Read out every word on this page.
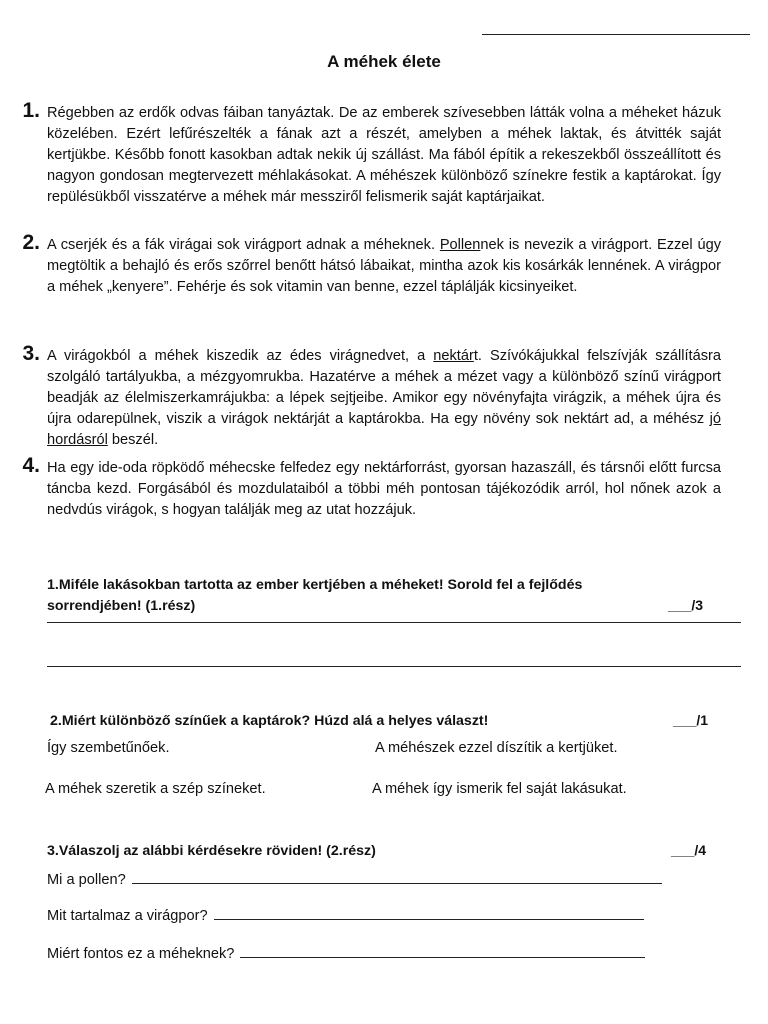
A méhek élete
1. Régebben az erdők odvas fáiban tanyáztak. De az emberek szívesebben látták volna a méheket házuk közelében. Ezért lefűrészelték a fának azt a részét, amelyben a méhek laktak, és átvitték saját kertjükbe. Később fonott kasokban adtak nekik új szállást. Ma fából építik a rekeszekből összeállított és nagyon gondosan megtervezett méhlakásokat. A méhészek különböző színekre festik a kaptárokat. Így repülésükből visszatérve a méhek már messziről felismerik saját kaptárjaikat.
2. A cserjék és a fák virágai sok virágport adnak a méheknek. Pollennek is nevezik a virágport. Ezzel úgy megtöltik a behajló és erős szőrrel benőtt hátsó lábaikat, mintha azok kis kosárkák lennének. A virágpor a méhek „kenyere”. Fehérje és sok vitamin van benne, ezzel táplálják kicsinyeiket.
3. A virágokból a méhek kiszedik az édes virágnedvet, a nektárt. Szívókájukkal felszívják szállításra szolgáló tartályukba, a mézgyomrukba. Hazatérve a méhek a mézet vagy a különböző színű virágport beadják az élelmiszerkamrájukba: a lépek sejtjeibe. Amikor egy növényfajta virágzik, a méhek újra és újra odarepülnek, viszik a virágok nektárját a kaptárokba. Ha egy növény sok nektárt ad, a méhész jó hordásról beszél.
4. Ha egy ide-oda röpködő méhecske felfedez egy nektárforrást, gyorsan hazaszáll, és társnői előtt furcsa táncba kezd. Forgásából és mozdulataiból a többi méh pontosan tájékozódik arról, hol nőnek azok a nedvdús virágok, s hogyan találják meg az utat hozzájuk.
1.Miféle lakásokban tartotta az ember kertjében a méheket! Sorold fel a fejlődés
sorrendjében! (1.rész)	___/3
2.Miért különböző színűek a kaptárok? Húzd alá a helyes választ!	___/1
Így szembetűnőek.	A méhészek ezzel díszítik a kertjüket.
A méhek szeretik a szép színeket.	A méhek így ismerik fel saját lakásukat.
3.Válaszolj az alábbi kérdésekre röviden! (2.rész)	___/4
Mi a pollen?
Mit tartalmaz a virágpor?
Miért fontos ez a méheknek?
